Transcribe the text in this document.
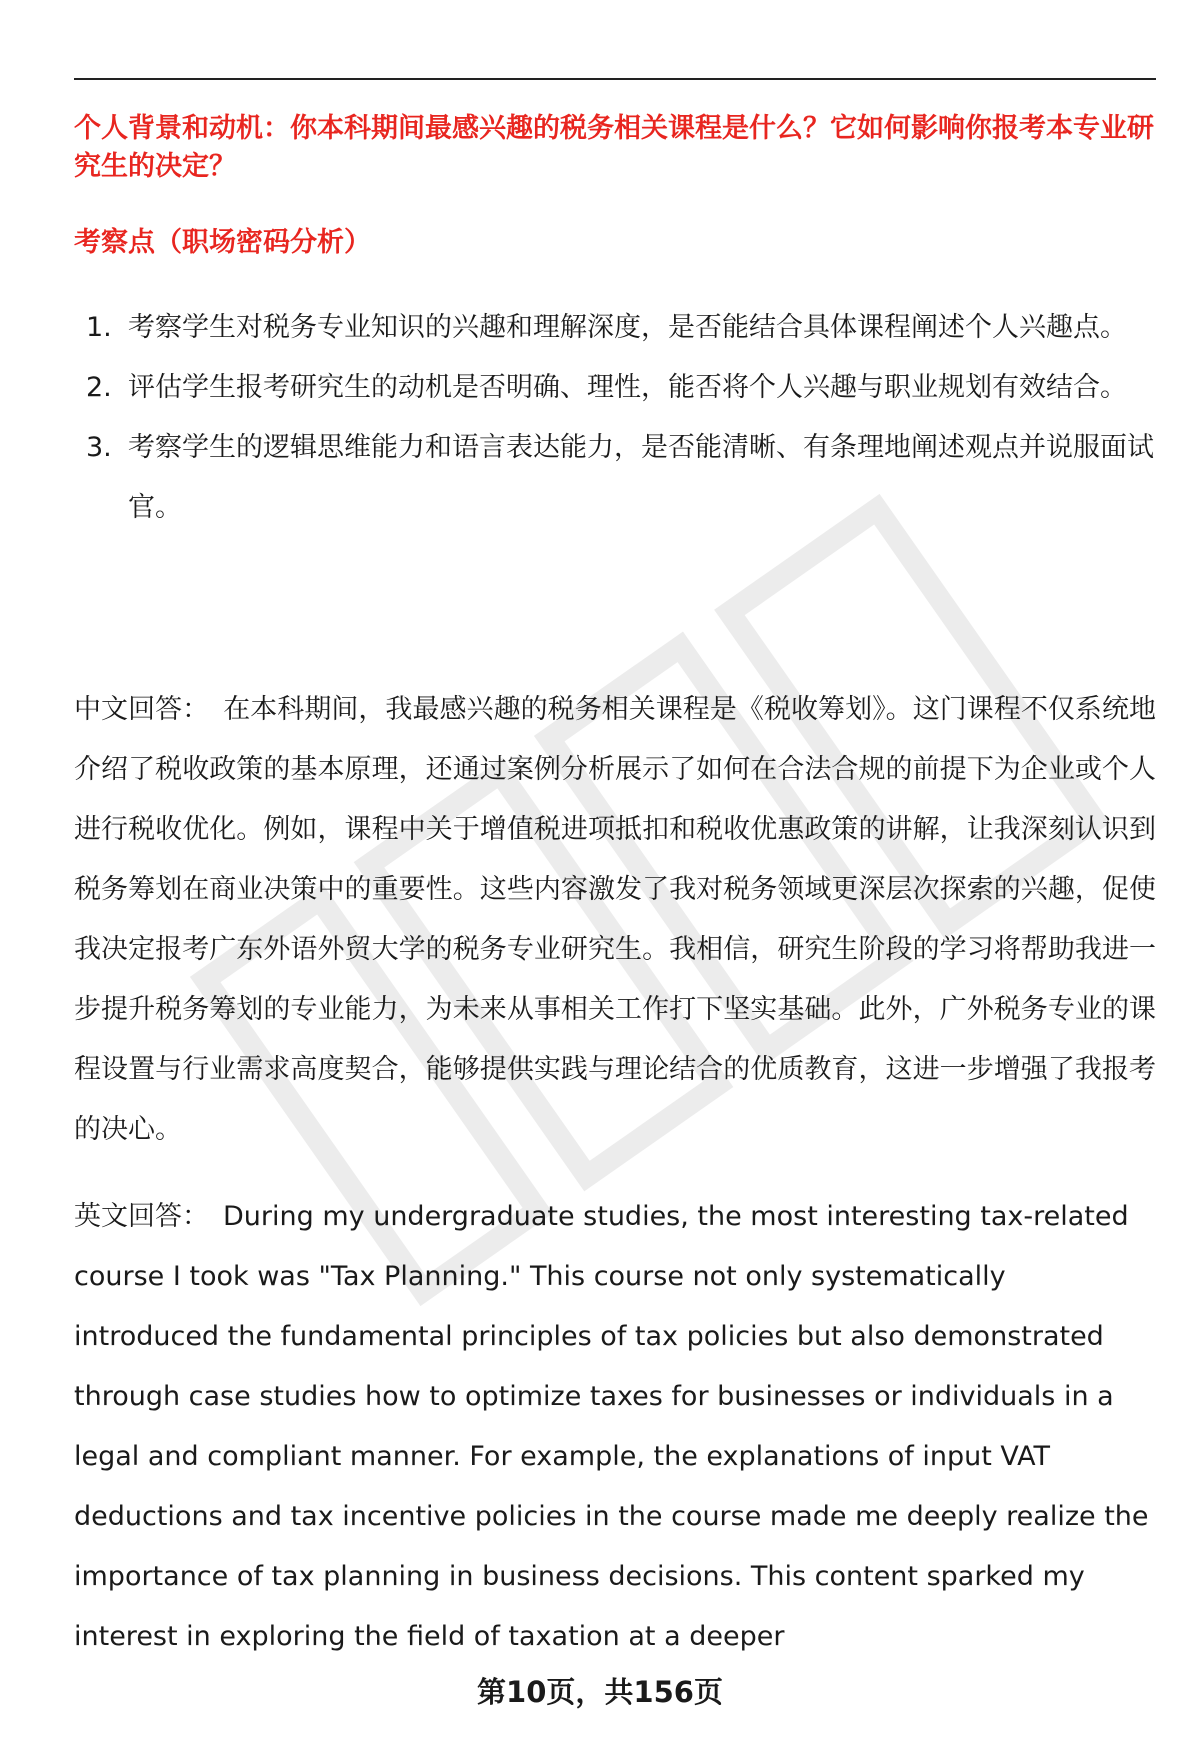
个人背景和动机：你本科期间最感兴趣的税务相关课程是什么？它如何影响你报考本专业研究生的决定？
考察点（职场密码分析）
1. 考察学生对税务专业知识的兴趣和理解深度，是否能结合具体课程阐述个人兴趣点。
2. 评估学生报考研究生的动机是否明确、理性，能否将个人兴趣与职业规划有效结合。
3. 考察学生的逻辑思维能力和语言表达能力，是否能清晰、有条理地阐述观点并说服面试官。

中文回答： 在本科期间，我最感兴趣的税务相关课程是《税收筹划》。这门课程不仅系统地介绍了税收政策的基本原理，还通过案例分析展示了如何在合法合规的前提下为企业或个人进行税收优化。例如，课程中关于增值税进项抵扣和税收优惠政策的讲解，让我深刻认识到税务筹划在商业决策中的重要性。这些内容激发了我对税务领域更深层次探索的兴趣，促使我决定报考广东外语外贸大学的税务专业研究生。我相信，研究生阶段的学习将帮助我进一步提升税务筹划的专业能力，为未来从事相关工作打下坚实基础。此外，广外税务专业的课程设置与行业需求高度契合，能够提供实践与理论结合的优质教育，这进一步增强了我报考的决心。

英文回答： During my undergraduate studies, the most interesting tax-related course I took was "Tax Planning." This course not only systematically introduced the fundamental principles of tax policies but also demonstrated through case studies how to optimize taxes for businesses or individuals in a legal and compliant manner. For example, the explanations of input VAT deductions and tax incentive policies in the course made me deeply realize the importance of tax planning in business decisions. This content sparked my interest in exploring the field of taxation at a deeper

第10页，共156页
